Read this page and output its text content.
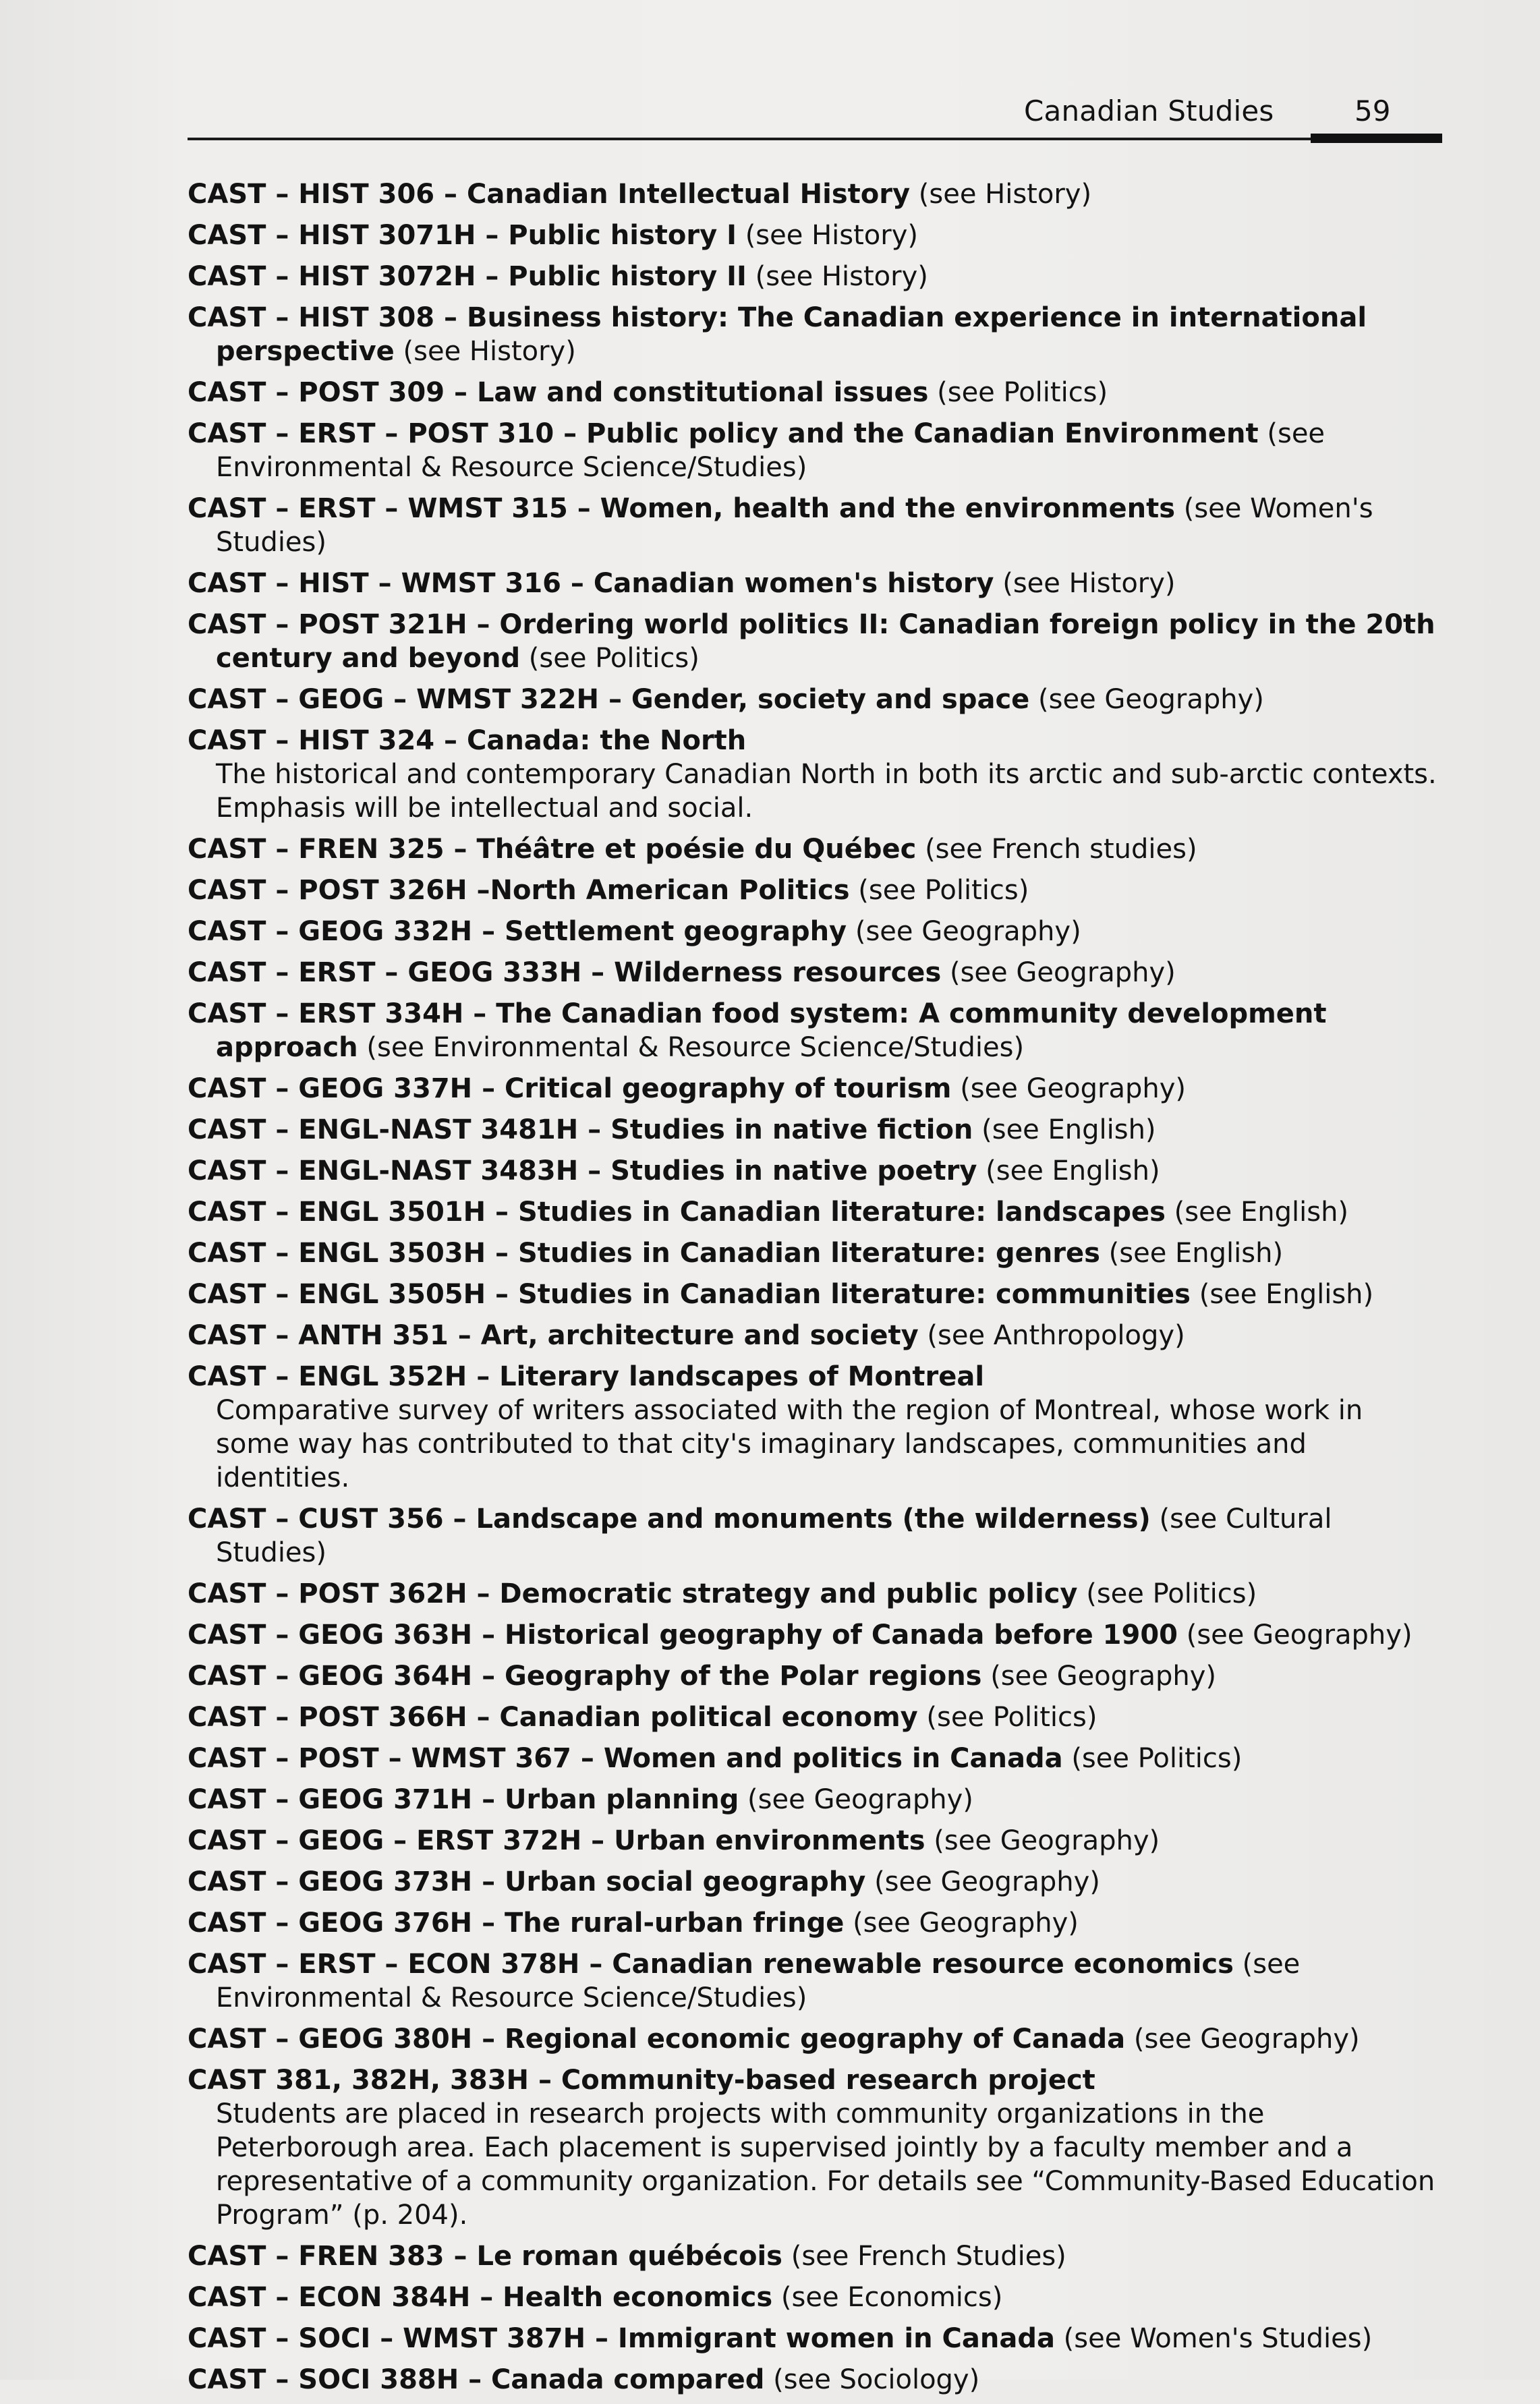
Canadian Studies	59
CAST – HIST 306 – Canadian Intellectual History (see History)
CAST – HIST 3071H – Public history I (see History)
CAST – HIST 3072H – Public history II (see History)
CAST – HIST 308 – Business history: The Canadian experience in international perspective (see History)
CAST – POST 309 – Law and constitutional issues (see Politics)
CAST – ERST – POST 310 – Public policy and the Canadian Environment (see Environmental & Resource Science/Studies)
CAST – ERST – WMST 315 – Women, health and the environments (see Women's Studies)
CAST – HIST – WMST 316 – Canadian women's history (see History)
CAST – POST 321H – Ordering world politics II: Canadian foreign policy in the 20th century and beyond (see Politics)
CAST – GEOG – WMST 322H – Gender, society and space (see Geography)
CAST – HIST 324 – Canada: the North
The historical and contemporary Canadian North in both its arctic and sub-arctic contexts. Emphasis will be intellectual and social.
CAST – FREN 325 – Théâtre et poésie du Québec (see French studies)
CAST – POST 326H –North American Politics (see Politics)
CAST – GEOG 332H – Settlement geography (see Geography)
CAST – ERST – GEOG 333H – Wilderness resources (see Geography)
CAST – ERST 334H – The Canadian food system: A community development approach (see Environmental & Resource Science/Studies)
CAST – GEOG 337H – Critical geography of tourism (see Geography)
CAST – ENGL-NAST 3481H – Studies in native fiction (see English)
CAST – ENGL-NAST 3483H – Studies in native poetry (see English)
CAST – ENGL 3501H – Studies in Canadian literature: landscapes (see English)
CAST – ENGL 3503H – Studies in Canadian literature: genres (see English)
CAST – ENGL 3505H – Studies in Canadian literature: communities (see English)
CAST – ANTH 351 – Art, architecture and society (see Anthropology)
CAST – ENGL 352H – Literary landscapes of Montreal
Comparative survey of writers associated with the region of Montreal, whose work in some way has contributed to that city's imaginary landscapes, communities and identities.
CAST – CUST 356 – Landscape and monuments (the wilderness) (see Cultural Studies)
CAST – POST 362H – Democratic strategy and public policy (see Politics)
CAST – GEOG 363H – Historical geography of Canada before 1900 (see Geography)
CAST – GEOG 364H – Geography of the Polar regions (see Geography)
CAST – POST 366H – Canadian political economy (see Politics)
CAST – POST – WMST 367 – Women and politics in Canada (see Politics)
CAST – GEOG 371H – Urban planning (see Geography)
CAST – GEOG – ERST 372H – Urban environments (see Geography)
CAST – GEOG 373H – Urban social geography (see Geography)
CAST – GEOG 376H – The rural-urban fringe (see Geography)
CAST – ERST – ECON 378H – Canadian renewable resource economics (see Environmental & Resource Science/Studies)
CAST – GEOG 380H – Regional economic geography of Canada (see Geography)
CAST 381, 382H, 383H – Community-based research project
Students are placed in research projects with community organizations in the Peterborough area. Each placement is supervised jointly by a faculty member and a representative of a community organization. For details see “Community-Based Education Program” (p. 204).
CAST – FREN 383 – Le roman québécois (see French Studies)
CAST – ECON 384H – Health economics (see Economics)
CAST – SOCI – WMST 387H – Immigrant women in Canada (see Women's Studies)
CAST – SOCI 388H – Canada compared (see Sociology)
